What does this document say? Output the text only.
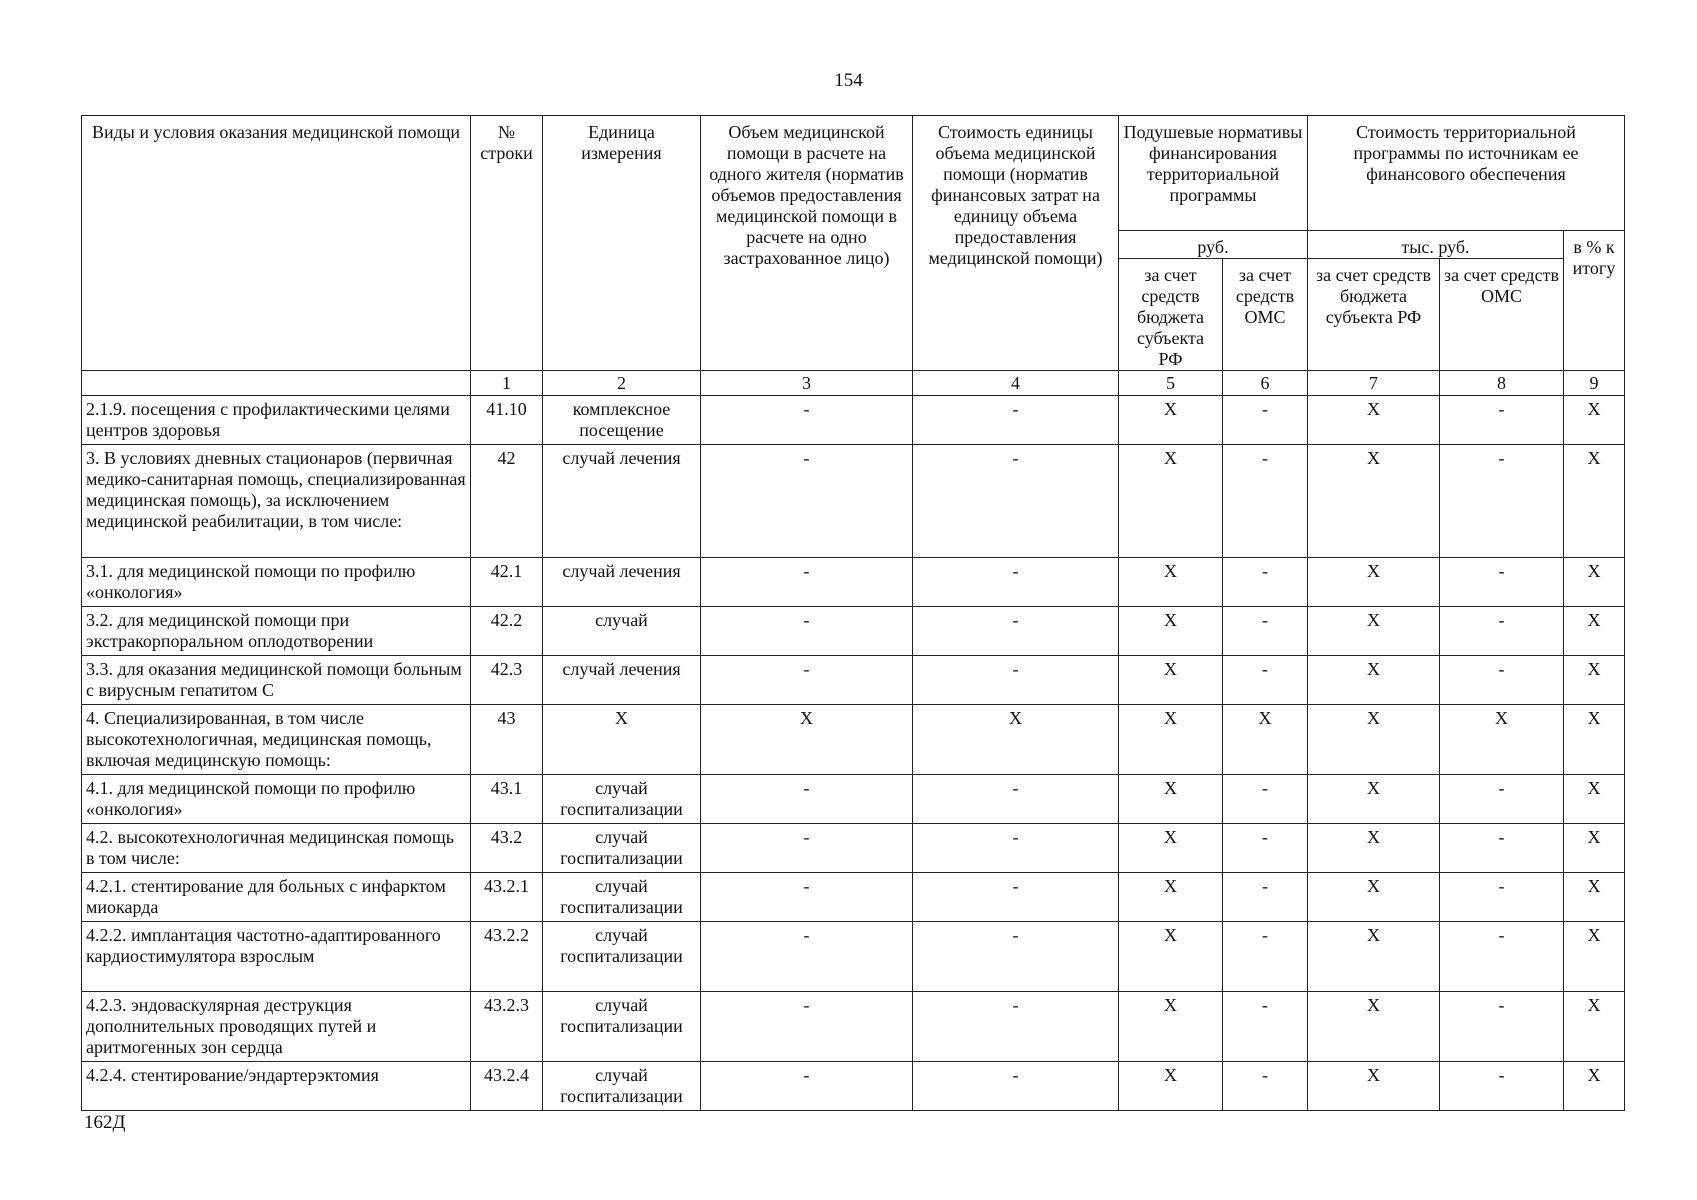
154
Виды и условия оказания медицинской помощи	№ строки	Единица измерения	Объем медицинской помощи в расчете на одного жителя (норматив объемов предоставления медицинской помощи в расчете на одно застрахованное лицо)	Стоимость единицы объема медицинской помощи (норматив финансовых затрат на единицу объема предоставления медицинской помощи)	Подушевые нормативы финансирования территориальной программы		Стоимость территориальной программы по источникам ее финансового обеспечения		
					руб.		тыс. руб.		в % к итогу
					за счет средств бюджета субъекта РФ	за счет средств ОМС	за счет средств бюджета субъекта РФ	за счет средств ОМС	
	1	2	3	4	5	6	7	8	9
2.1.9. посещения с профилактическими целями центров здоровья	41.10	комплексное посещение	-	-	X	-	X	-	X
3. В условиях дневных стационаров (первичная медико-санитарная помощь, специализированная медицинская помощь), за исключением медицинской реабилитации, в том числе:	42	случай лечения	-	-	X	-	X	-	X
3.1. для медицинской помощи по профилю «онкология»	42.1	случай лечения	-	-	X	-	X	-	X
3.2. для медицинской помощи при экстракорпоральном оплодотворении	42.2	случай	-	-	X	-	X	-	X
3.3. для оказания медицинской помощи больным с вирусным гепатитом С	42.3	случай лечения	-	-	X	-	X	-	X
4. Специализированная, в том числе высокотехнологичная, медицинская помощь, включая медицинскую помощь:	43	X	X	X	X	X	X	X	X
4.1. для медицинской помощи по профилю «онкология»	43.1	случай госпитализации	-	-	X	-	X	-	X
4.2. высокотехнологичная медицинская помощь в том числе:	43.2	случай госпитализации	-	-	X	-	X	-	X
4.2.1. стентирование для больных с инфарктом миокарда	43.2.1	случай госпитализации	-	-	X	-	X	-	X
4.2.2. имплантация частотно-адаптированного кардиостимулятора взрослым	43.2.2	случай госпитализации	-	-	X	-	X	-	X
4.2.3. эндоваскулярная деструкция дополнительных проводящих путей и аритмогенных зон сердца	43.2.3	случай госпитализации	-	-	X	-	X	-	X
4.2.4. стентирование/эндартерэктомия	43.2.4	случай госпитализации	-	-	X	-	X	-	X
162Д
